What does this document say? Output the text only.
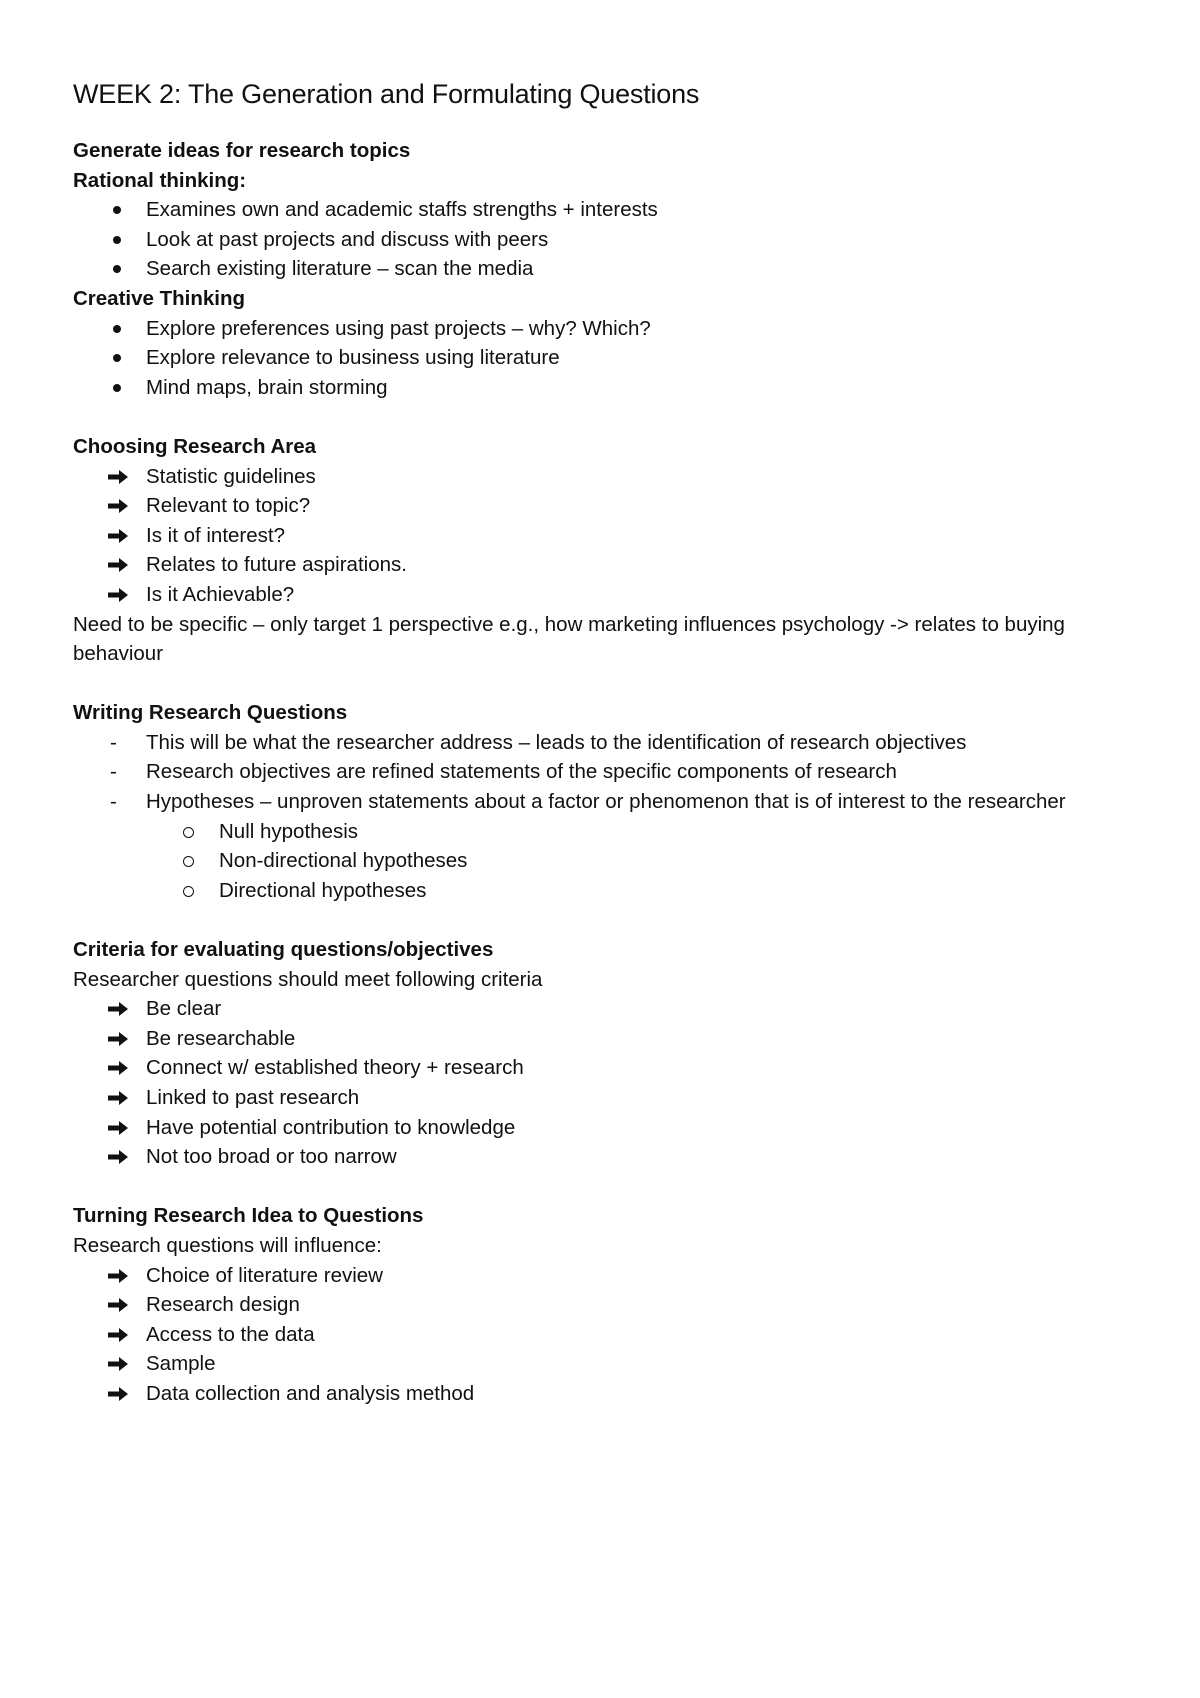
WEEK 2: The Generation and Formulating Questions
Generate ideas for research topics
Rational thinking:
Examines own and academic staffs strengths + interests
Look at past projects and discuss with peers
Search existing literature – scan the media
Creative Thinking
Explore preferences using past projects – why? Which?
Explore relevance to business using literature
Mind maps, brain storming
Choosing Research Area
Statistic guidelines
Relevant to topic?
Is it of interest?
Relates to future aspirations.
Is it Achievable?
Need to be specific – only target 1 perspective e.g., how marketing influences psychology -> relates to buying behaviour
Writing Research Questions
-	This will be what the researcher address – leads to the identification of research objectives
-	Research objectives are refined statements of the specific components of research
-	Hypotheses – unproven statements about a factor or phenomenon that is of interest to the researcher
Null hypothesis
Non-directional hypotheses
Directional hypotheses
Criteria for evaluating questions/objectives
Researcher questions should meet following criteria
Be clear
Be researchable
Connect w/ established theory + research
Linked to past research
Have potential contribution to knowledge
Not too broad or too narrow
Turning Research Idea to Questions
Research questions will influence:
Choice of literature review
Research design
Access to the data
Sample
Data collection and analysis method
